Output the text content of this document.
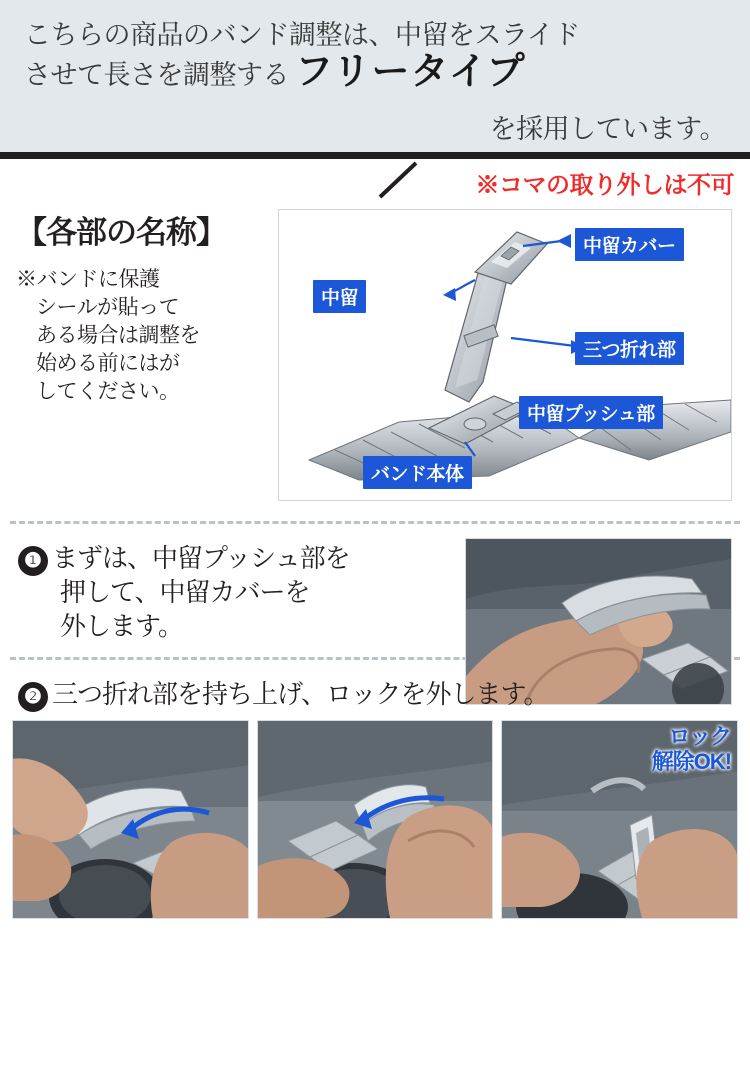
こちらの商品のバンド調整は、中留をスライド
させて長さを調整する フリータイプ
を採用しています。
※コマの取り外しは不可
【各部の名称】
※バンドに保護
シールが貼って
ある場合は調整を
始める前にはが
してください。
中留カバー
中留
三つ折れ部
中留プッシュ部
バンド本体
❶ まずは、中留プッシュ部を
押して、中留カバーを
外します。
❷ 三つ折れ部を持ち上げ、ロックを外します。
ロック
解除OK!
